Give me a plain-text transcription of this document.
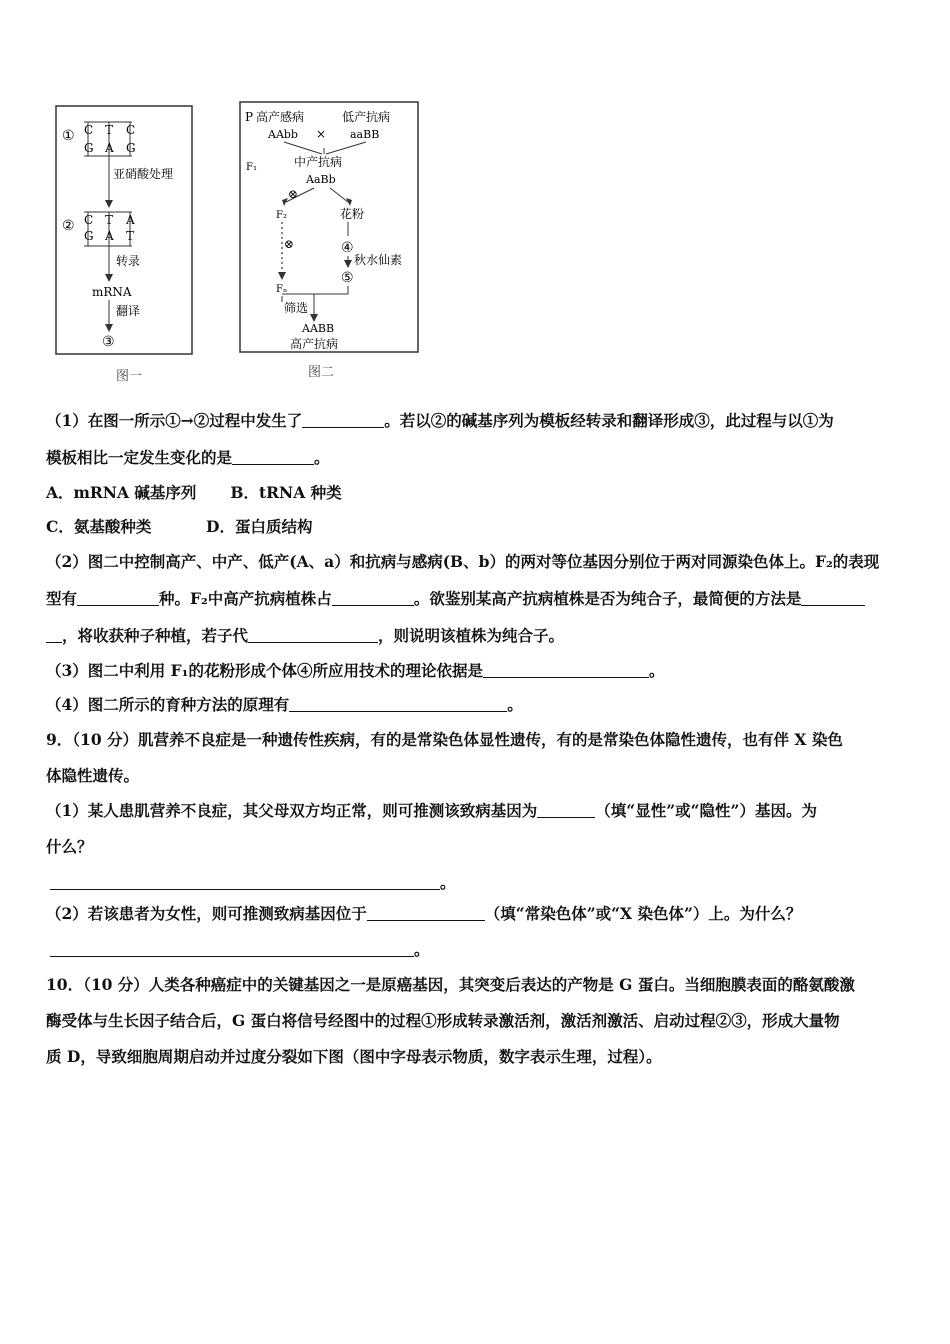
① C T C
G A G
亚硝酸处理
② C T A
G A T
转录
mRNA
翻译
③
图一
P 高产感病	低产抗病
AAbb × aaBB
F₁	中产抗病
AaBb
⊗
F₂	花粉
⊗
Fₙ
④
秋水仙素
⑤
筛选
AABB
高产抗病
图二
（1）在图一所示①→②过程中发生了	。若以②的碱基序列为模板经转录和翻译形成③，此过程与以①为
模板相比一定发生变化的是	。
A．mRNA 碱基序列 B．tRNA 种类
C．氨基酸种类	D．蛋白质结构
（2）图二中控制高产、中产、低产(A、a）和抗病与感病(B、b）的两对等位基因分别位于两对同源染色体上。F₂的表现
型有	种。F₂中高产抗病植株占	。欲鉴别某高产抗病植株是否为纯合子，最简便的方法是
，将收获种子种植，若子代	，则说明该植株为纯合子。
（3）图二中利用 F₁的花粉形成个体④所应用技术的理论依据是	。
（4）图二所示的育种方法的原理有	。
9．（10 分）肌营养不良症是一种遗传性疾病，有的是常染色体显性遗传，有的是常染色体隐性遗传，也有伴 X 染色
体隐性遗传。
（1）某人患肌营养不良症，其父母双方均正常，则可推测该致病基因为	（填“显性”或“隐性”）基因。为
什么？
。
（2）若该患者为女性，则可推测致病基因位于	（填“常染色体”或“X 染色体”）上。为什么？
。
10．（10 分）人类各种癌症中的关键基因之一是原癌基因，其突变后表达的产物是 G 蛋白。当细胞膜表面的酪氨酸激
酶受体与生长因子结合后，G 蛋白将信号经图中的过程①形成转录激活剂，激活剂激活、启动过程②③，形成大量物
质 D，导致细胞周期启动并过度分裂如下图（图中字母表示物质，数字表示生理，过程）。
